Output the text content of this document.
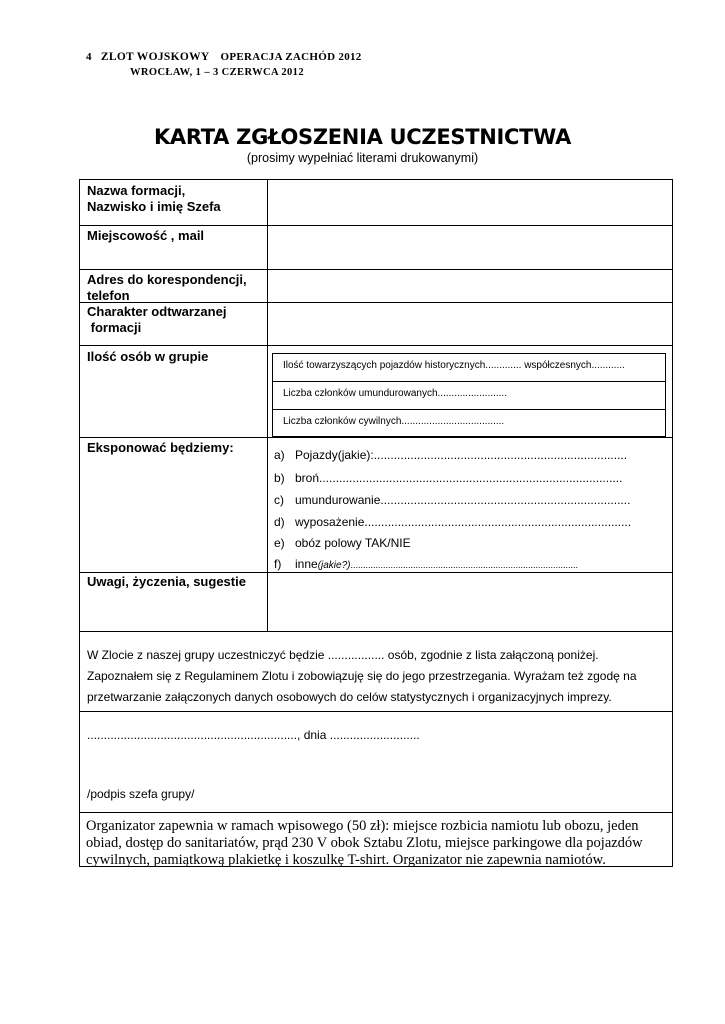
4 ZLOT WOJSKOWY OPERACJA ZACHÓD 2012
WROCŁAW, 1 – 3 CZERWCA 2012
KARTA ZGŁOSZENIA UCZESTNICTWA
(prosimy wypełniać literami drukowanymi)
Nazwa formacji,
Nazwisko i imię Szefa
Miejscowość , mail
Adres do korespondencji,
telefon
Charakter odtwarzanej
formacji
Ilość osób w grupie
Eksponować będziemy:
Uwagi, życzenia, sugestie
Ilość towarzyszących pojazdów historycznych............. współczesnych............
Liczba członków umundurowanych.........................
Liczba członków cywilnych.....................................
a) Pojazdy(jakie):............................................................................
b) broń...........................................................................................
c) umundurowanie...........................................................................
d) wyposażenie................................................................................
e) obóz polowy TAK/NIE
f) inne(jakie?)...........................................................................................
W Zlocie z naszej grupy uczestniczyć będzie ................. osób, zgodnie z lista załączoną poniżej.
Zapoznałem się z Regulaminem Zlotu i zobowiązuję się do jego przestrzegania. Wyrażam też zgodę na
przetwarzanie załączonych danych osobowych do celów statystycznych i organizacyjnych imprezy.
..............................................................., dnia ...........................
/podpis szefa grupy/
Organizator zapewnia w ramach wpisowego (50 zł): miejsce rozbicia namiotu lub obozu, jeden
obiad, dostęp do sanitariatów, prąd 230 V obok Sztabu Zlotu, miejsce parkingowe dla pojazdów
cywilnych, pamiątkową plakietkę i koszulkę T-shirt. Organizator nie zapewnia namiotów.
